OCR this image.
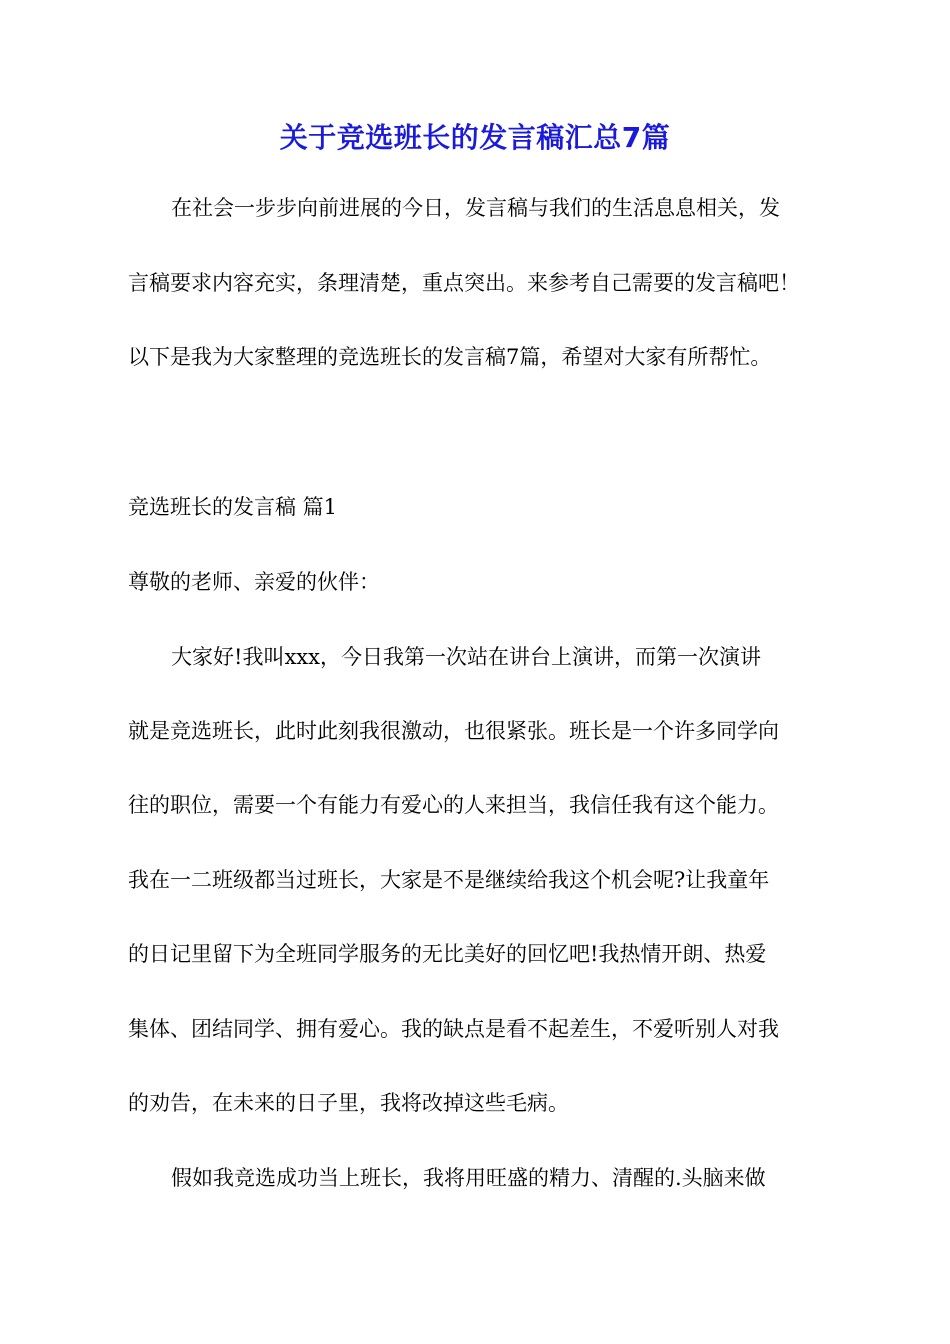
关于竞选班长的发言稿汇总7篇
在社会一步步向前进展的今日，发言稿与我们的生活息息相关，发
言稿要求内容充实，条理清楚，重点突出。来参考自己需要的发言稿吧！
以下是我为大家整理的竞选班长的发言稿7篇，希望对大家有所帮忙。
竞选班长的发言稿 篇1
尊敬的老师、亲爱的伙伴：
大家好!我叫xxx，今日我第一次站在讲台上演讲，而第一次演讲
就是竞选班长，此时此刻我很激动，也很紧张。班长是一个许多同学向
往的职位，需要一个有能力有爱心的人来担当，我信任我有这个能力。
我在一二班级都当过班长，大家是不是继续给我这个机会呢?让我童年
的日记里留下为全班同学服务的无比美好的回忆吧!我热情开朗、热爱
集体、团结同学、拥有爱心。我的缺点是看不起差生，不爱听别人对我
的劝告，在未来的日子里，我将改掉这些毛病。
假如我竞选成功当上班长，我将用旺盛的精力、清醒的.头脑来做
